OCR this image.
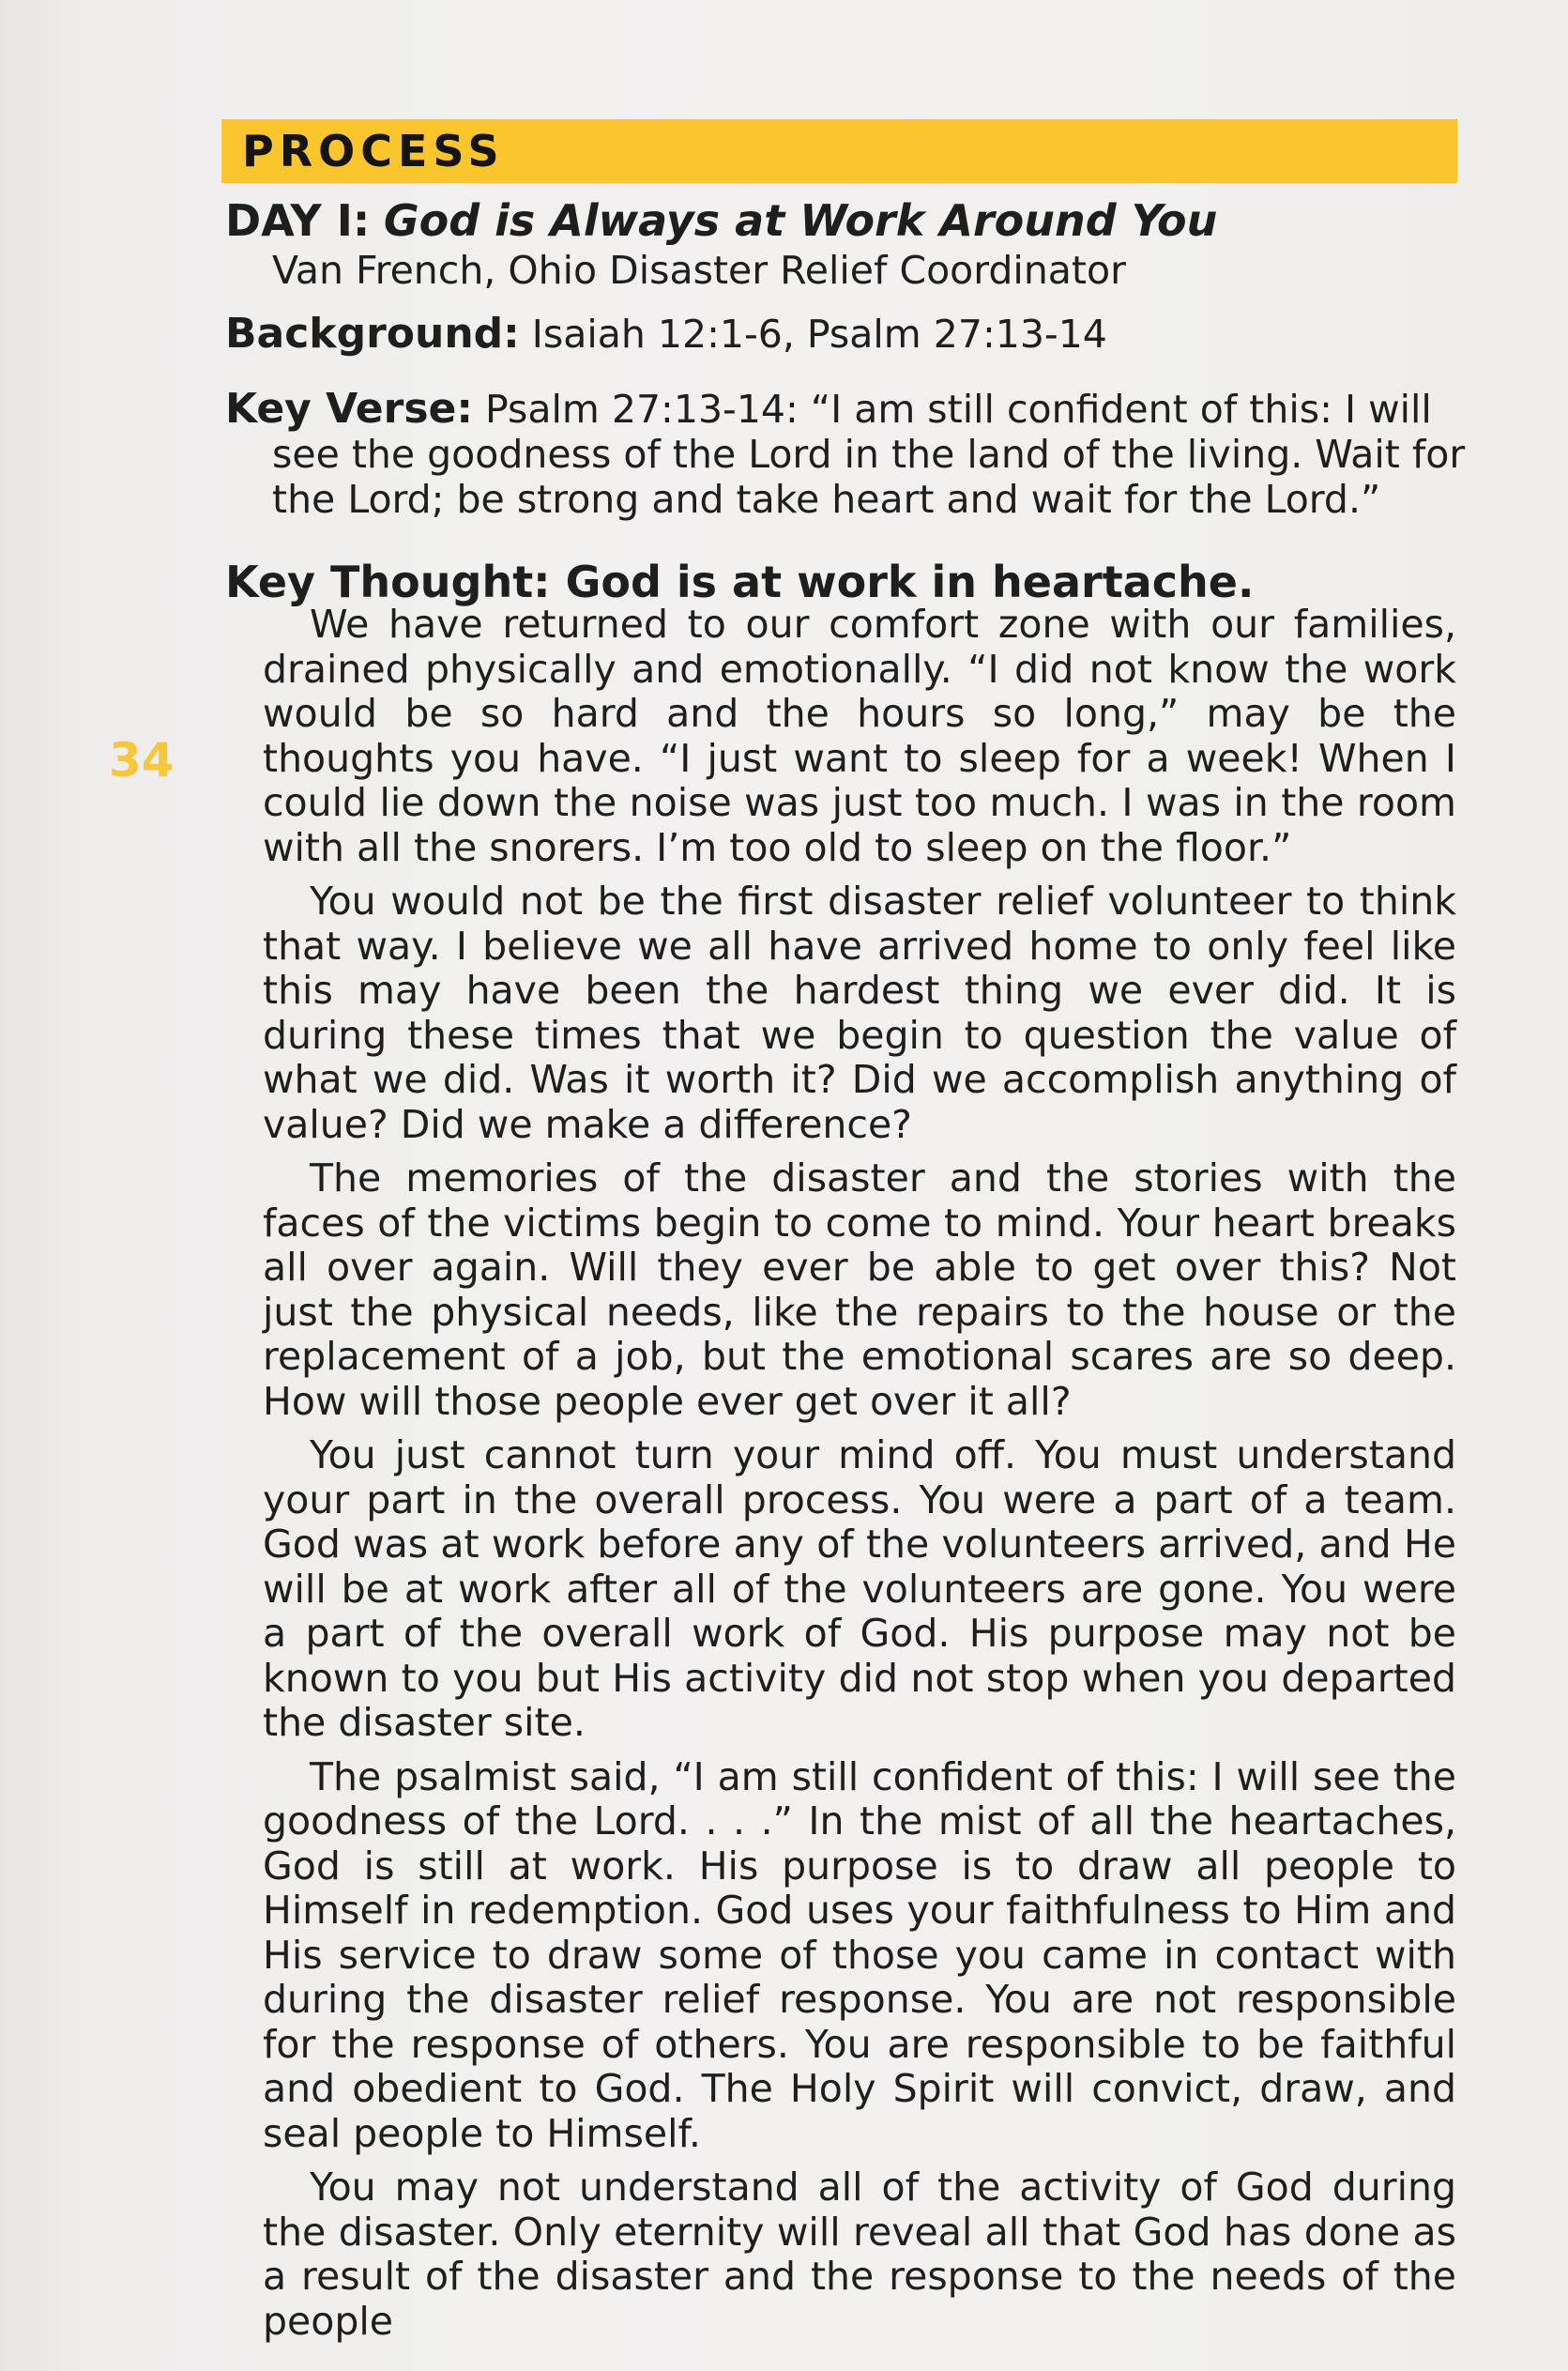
PROCESS
DAY I: God is Always at Work Around You
Van French, Ohio Disaster Relief Coordinator
Background: Isaiah 12:1-6, Psalm 27:13-14
Key Verse: Psalm 27:13-14: “I am still confident of this: I will see the goodness of the Lord in the land of the living. Wait for the Lord; be strong and take heart and wait for the Lord.”
Key Thought: God is at work in heartache.
34

We have returned to our comfort zone with our families, drained physically and emotionally. “I did not know the work would be so hard and the hours so long,” may be the thoughts you have. “I just want to sleep for a week! When I could lie down the noise was just too much. I was in the room with all the snorers. I’m too old to sleep on the floor.”

You would not be the first disaster relief volunteer to think that way. I believe we all have arrived home to only feel like this may have been the hardest thing we ever did. It is during these times that we begin to question the value of what we did. Was it worth it? Did we accomplish anything of value? Did we make a difference?

The memories of the disaster and the stories with the faces of the victims begin to come to mind. Your heart breaks all over again. Will they ever be able to get over this? Not just the physical needs, like the repairs to the house or the replacement of a job, but the emotional scares are so deep. How will those people ever get over it all?

You just cannot turn your mind off. You must understand your part in the overall process. You were a part of a team. God was at work before any of the volunteers arrived, and He will be at work after all of the volunteers are gone. You were a part of the overall work of God. His purpose may not be known to you but His activity did not stop when you departed the disaster site.

The psalmist said, “I am still confident of this: I will see the goodness of the Lord. . . .” In the mist of all the heartaches, God is still at work. His purpose is to draw all people to Himself in redemption. God uses your faithfulness to Him and His service to draw some of those you came in contact with during the disaster relief response. You are not responsible for the response of others. You are responsible to be faithful and obedient to God. The Holy Spirit will convict, draw, and seal people to Himself.

You may not understand all of the activity of God during the disaster. Only eternity will reveal all that God has done as a result of the disaster and the response to the needs of the people
